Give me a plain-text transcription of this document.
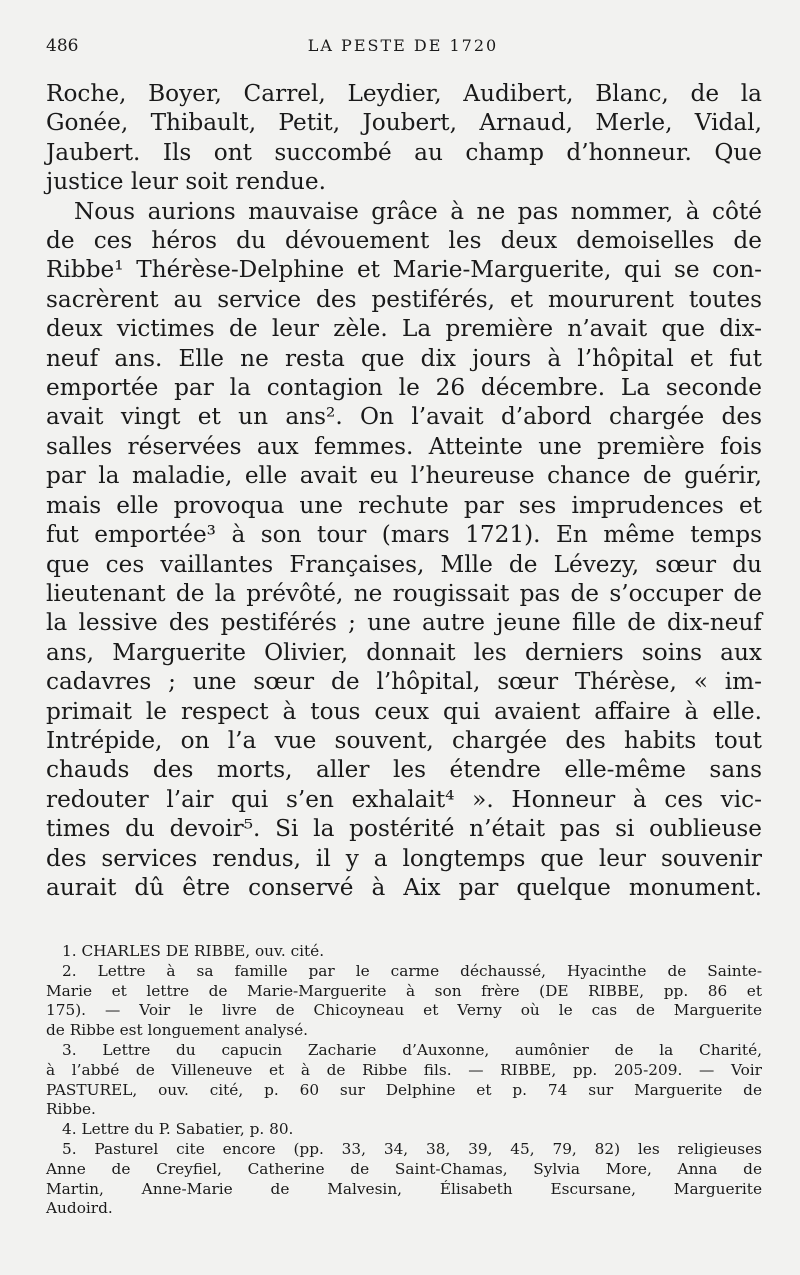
486	LA PESTE DE 1720
Roche, Boyer, Carrel, Leydier, Audibert, Blanc, de la
Gonée, Thibault, Petit, Joubert, Arnaud, Merle, Vidal,
Jaubert. Ils ont succombé au champ d’honneur. Que
justice leur soit rendue.
Nous aurions mauvaise grâce à ne pas nommer, à côté
de ces héros du dévouement les deux demoiselles de
Ribbe¹ Thérèse-Delphine et Marie-Marguerite, qui se con-
sacrèrent au service des pestiférés, et moururent toutes
deux victimes de leur zèle. La première n’avait que dix-
neuf ans. Elle ne resta que dix jours à l’hôpital et fut
emportée par la contagion le 26 décembre. La seconde
avait vingt et un ans². On l’avait d’abord chargée des
salles réservées aux femmes. Atteinte une première fois
par la maladie, elle avait eu l’heureuse chance de guérir,
mais elle provoqua une rechute par ses imprudences et
fut emportée³ à son tour (mars 1721). En même temps
que ces vaillantes Françaises, Mlle de Lévezy, sœur du
lieutenant de la prévôté, ne rougissait pas de s’occuper de
la lessive des pestiférés ; une autre jeune fille de dix-neuf
ans, Marguerite Olivier, donnait les derniers soins aux
cadavres ; une sœur de l’hôpital, sœur Thérèse, « im-
primait le respect à tous ceux qui avaient affaire à elle.
Intrépide, on l’a vue souvent, chargée des habits tout
chauds des morts, aller les étendre elle-même sans
redouter l’air qui s’en exhalait⁴ ». Honneur à ces vic-
times du devoir⁵. Si la postérité n’était pas si oublieuse
des services rendus, il y a longtemps que leur souvenir
aurait dû être conservé à Aix par quelque monument.
1. CHARLES DE RIBBE, ouv. cité.
2. Lettre à sa famille par le carme déchaussé, Hyacinthe de Sainte-
Marie et lettre de Marie-Marguerite à son frère (DE RIBBE, pp. 86 et
175). — Voir le livre de Chicoyneau et Verny où le cas de Marguerite
de Ribbe est longuement analysé.
3. Lettre du capucin Zacharie d’Auxonne, aumônier de la Charité,
à l’abbé de Villeneuve et à de Ribbe fils. — RIBBE, pp. 205-209. — Voir
PASTUREL, ouv. cité, p. 60 sur Delphine et p. 74 sur Marguerite de
Ribbe.
4. Lettre du P. Sabatier, p. 80.
5. Pasturel cite encore (pp. 33, 34, 38, 39, 45, 79, 82) les religieuses
Anne de Creyfiel, Catherine de Saint-Chamas, Sylvia More, Anna de
Martin, Anne-Marie de Malvesin, Élisabeth Escursane, Marguerite
Audoird.
